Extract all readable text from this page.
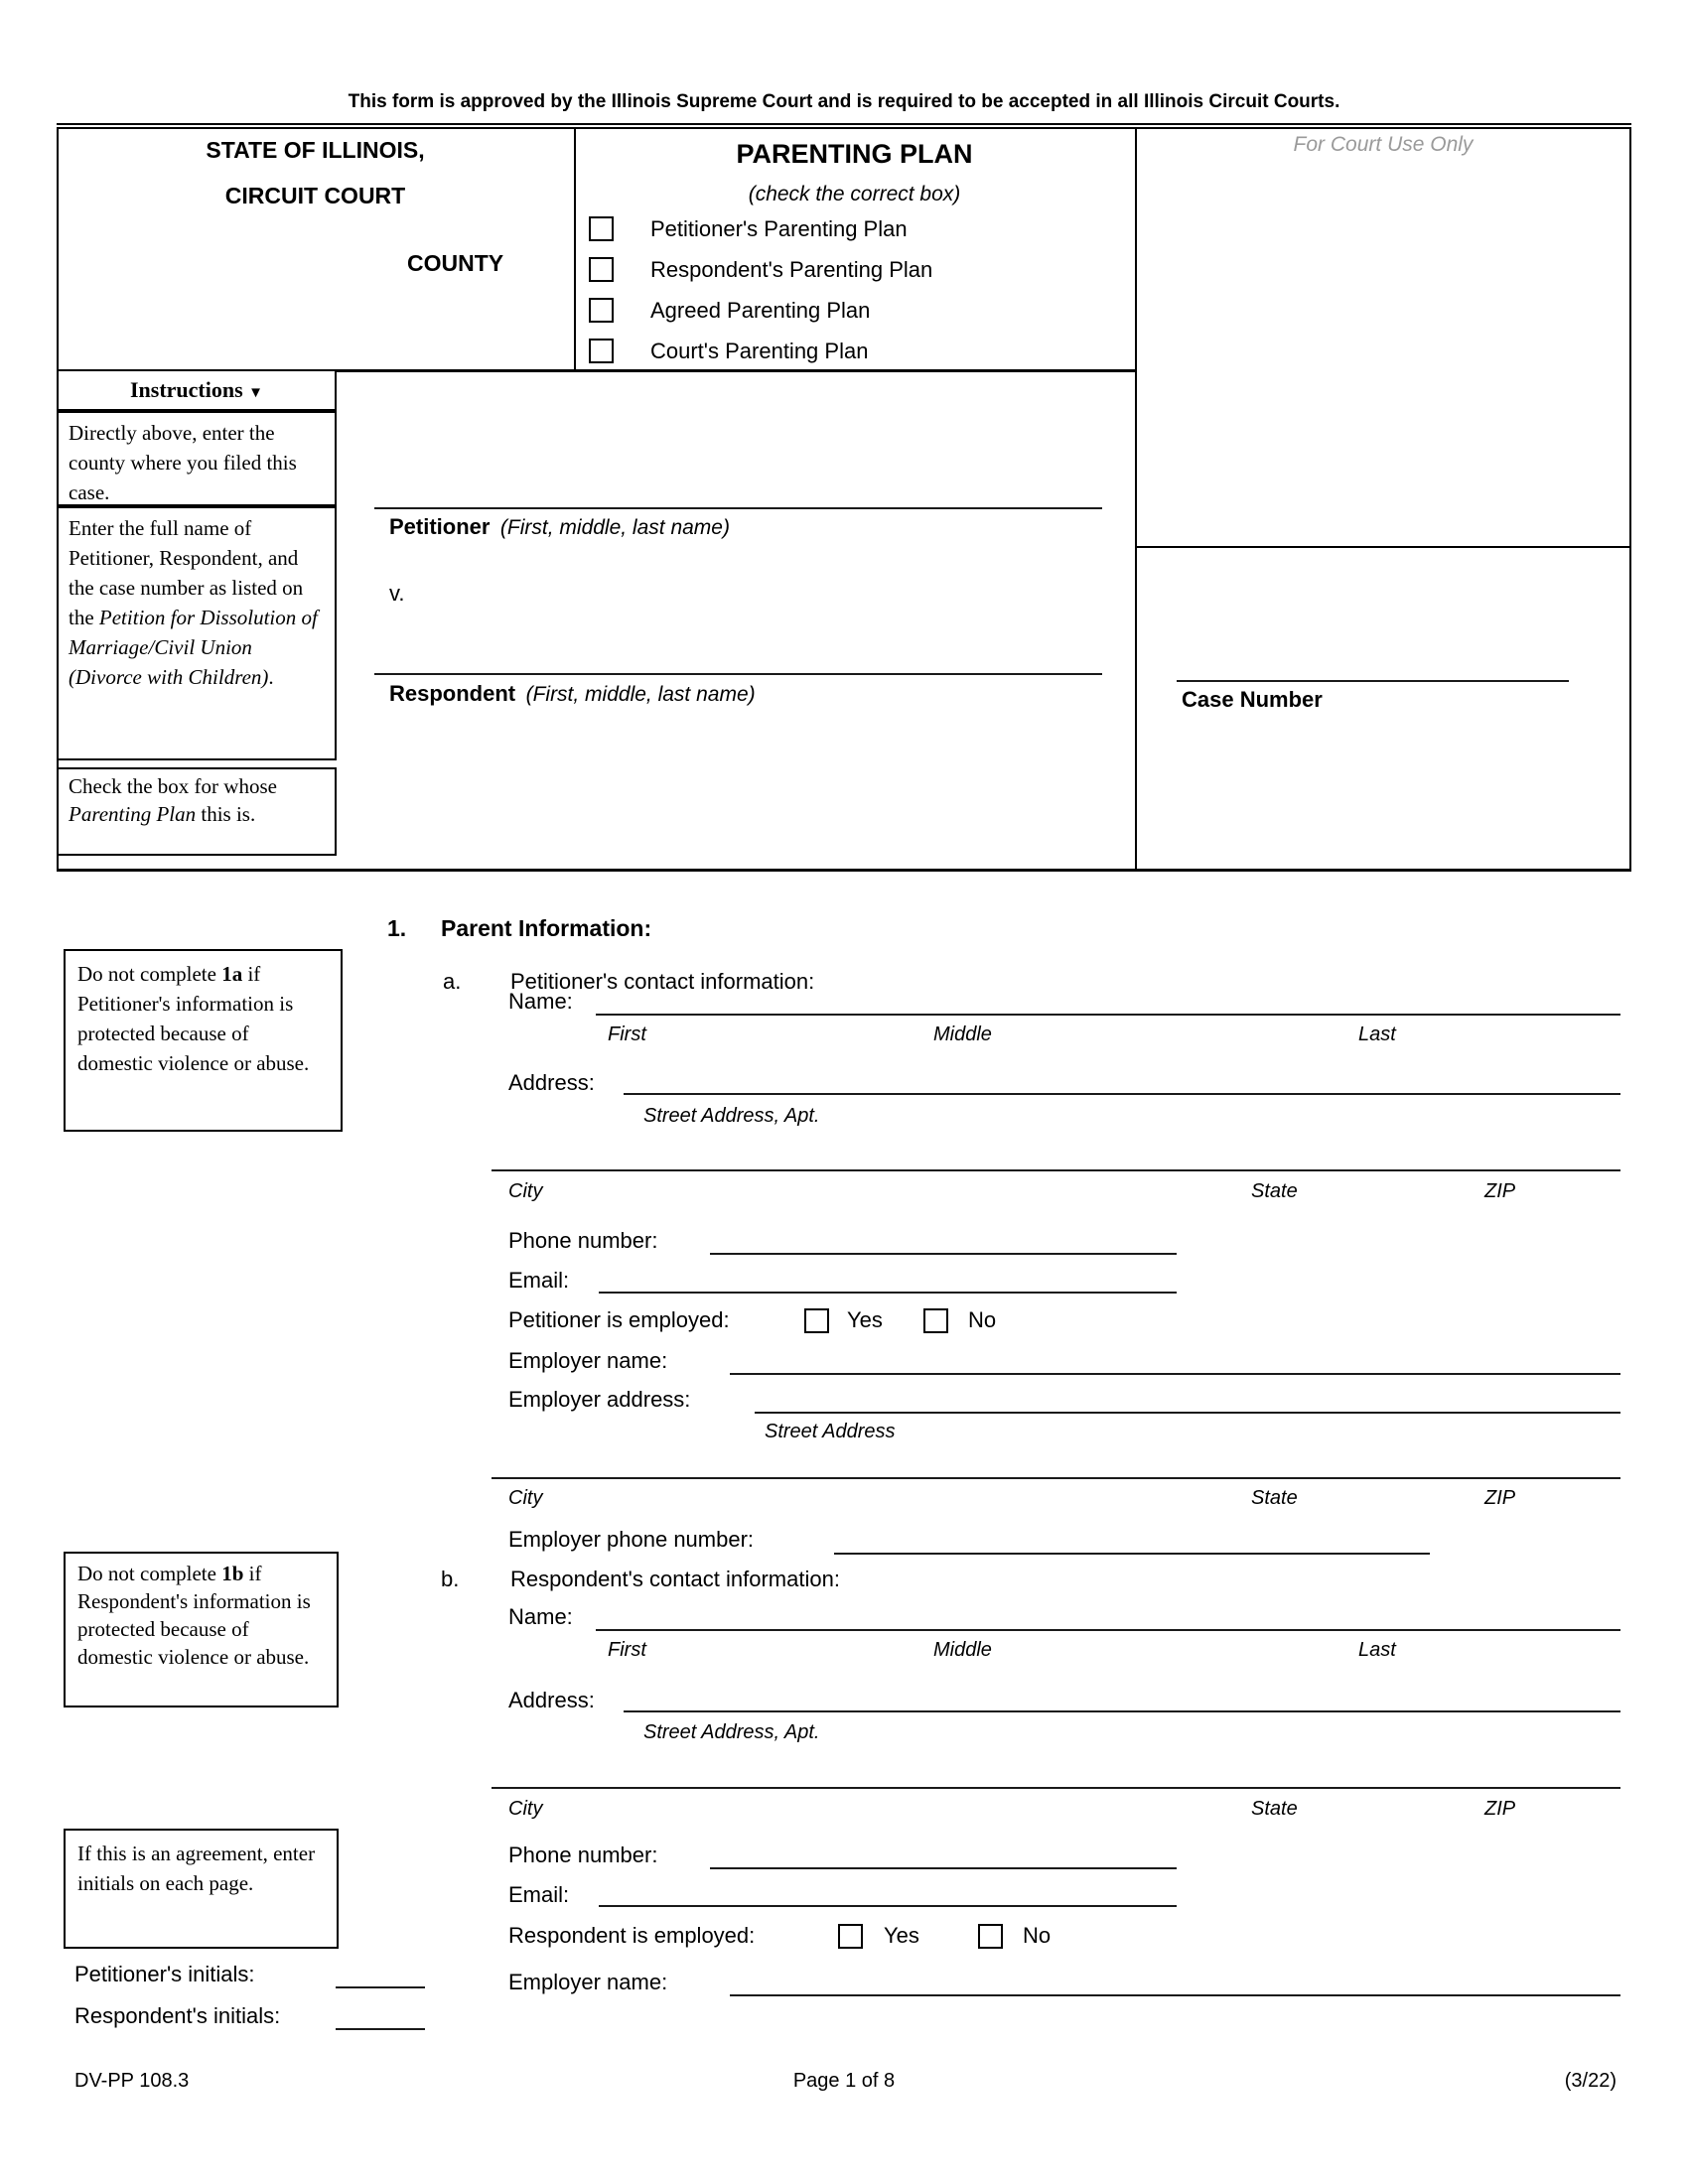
This form is approved by the Illinois Supreme Court and is required to be accepted in all Illinois Circuit Courts.
STATE OF ILLINOIS,
CIRCUIT COURT
COUNTY
PARENTING PLAN
(check the correct box)
Petitioner's Parenting Plan
Respondent's Parenting Plan
Agreed Parenting Plan
Court's Parenting Plan
For Court Use Only
Case Number
Instructions ▼
Directly above, enter the county where you filed this case.
Enter the full name of Petitioner, Respondent, and the case number as listed on the Petition for Dissolution of Marriage/Civil Union (Divorce with Children).
Check the box for whose Parenting Plan this is.
Petitioner (First, middle, last name)
v.
Respondent (First, middle, last name)
1. Parent Information:
Do not complete 1a if Petitioner's information is protected because of domestic violence or abuse.
a. Petitioner's contact information:
Name:
First	Middle	Last
Address:
Street Address, Apt.
City	State	ZIP
Phone number:
Email:
Petitioner is employed:	Yes	No
Employer name:
Employer address:
Street Address
City	State	ZIP
Employer phone number:
Do not complete 1b if Respondent's information is protected because of domestic violence or abuse.
b. Respondent's contact information:
Name:
First	Middle	Last
Address:
Street Address, Apt.
City	State	ZIP
Phone number:
Email:
Respondent is employed:	Yes	No
Employer name:
If this is an agreement, enter initials on each page.
Petitioner's initials:
Respondent's initials:
DV-PP 108.3	Page 1 of 8	(3/22)
